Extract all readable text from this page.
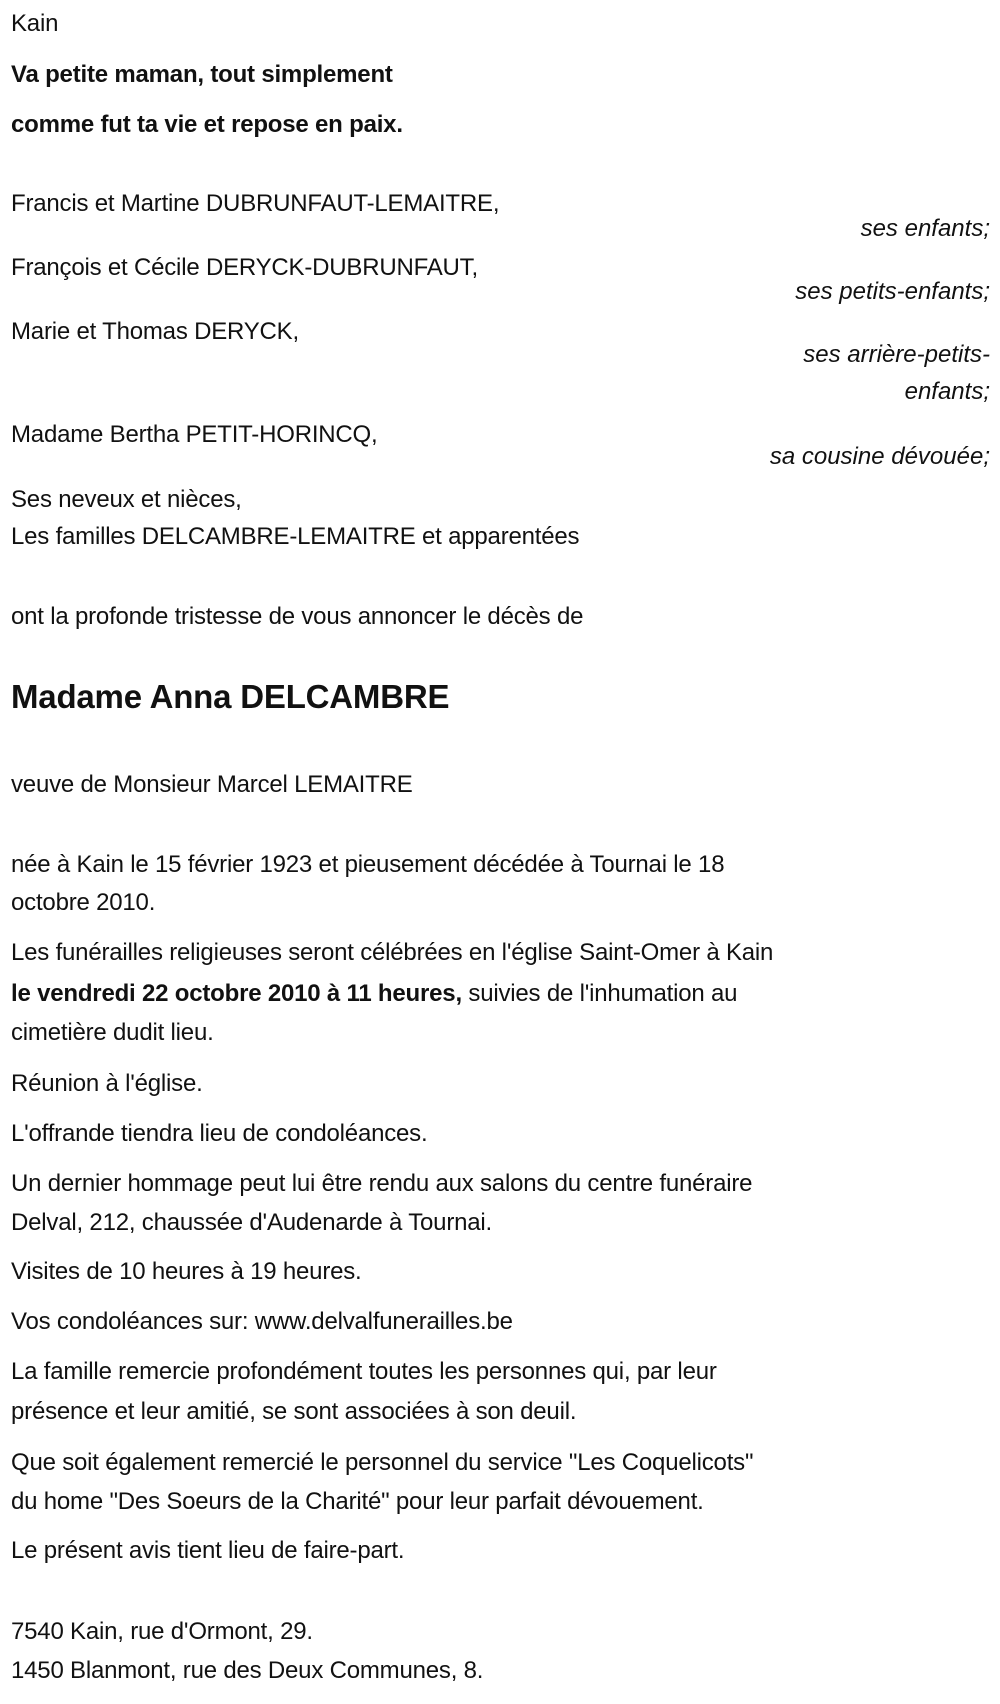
Kain
Va petite maman, tout simplement
comme fut ta vie et repose en paix.
Francis et Martine DUBRUNFAUT-LEMAITRE,
ses enfants;
François et Cécile DERYCK-DUBRUNFAUT,
ses petits-enfants;
Marie et Thomas DERYCK,
ses arrière-petits-
enfants;
Madame Bertha PETIT-HORINCQ,
sa cousine dévouée;
Ses neveux et nièces,
Les familles DELCAMBRE-LEMAITRE et apparentées
ont la profonde tristesse de vous annoncer le décès de
Madame Anna DELCAMBRE
veuve de Monsieur Marcel LEMAITRE
née à Kain le 15 février 1923 et pieusement décédée à Tournai le 18
octobre 2010.
Les funérailles religieuses seront célébrées en l'église Saint-Omer à Kain
le vendredi 22 octobre 2010 à 11 heures, suivies de l'inhumation au
cimetière dudit lieu.
Réunion à l'église.
L'offrande tiendra lieu de condoléances.
Un dernier hommage peut lui être rendu aux salons du centre funéraire
Delval, 212, chaussée d'Audenarde à Tournai.
Visites de 10 heures à 19 heures.
Vos condoléances sur: www.delvalfunerailles.be
La famille remercie profondément toutes les personnes qui, par leur
présence et leur amitié, se sont associées à son deuil.
Que soit également remercié le personnel du service "Les Coquelicots"
du home "Des Soeurs de la Charité" pour leur parfait dévouement.
Le présent avis tient lieu de faire-part.
7540 Kain, rue d'Ormont, 29.
1450 Blanmont, rue des Deux Communes, 8.
